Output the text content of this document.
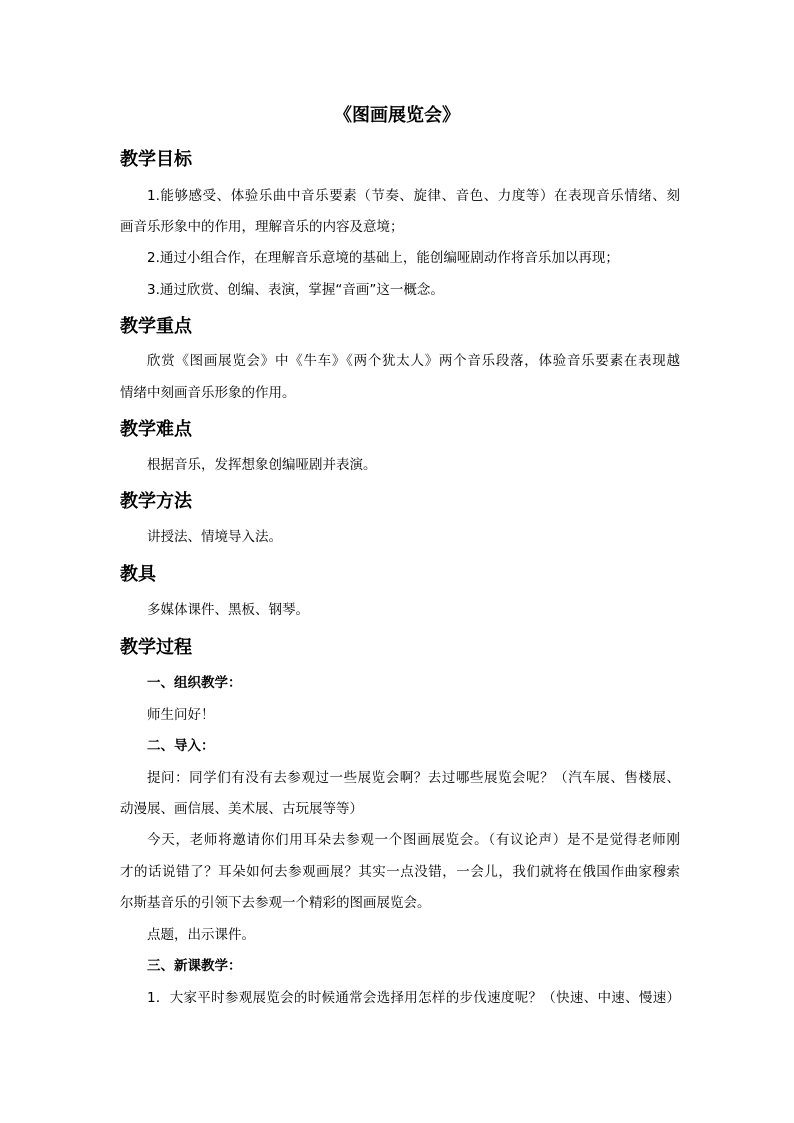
《图画展览会》
教学目标
1.能够感受、体验乐曲中音乐要素（节奏、旋律、音色、力度等）在表现音乐情绪、刻
画音乐形象中的作用，理解音乐的内容及意境；
2.通过小组合作，在理解音乐意境的基础上，能创编哑剧动作将音乐加以再现；
3.通过欣赏、创编、表演，掌握“音画”这一概念。
教学重点
欣赏《图画展览会》中《牛车》《两个犹太人》两个音乐段落，体验音乐要素在表现越
情绪中刻画音乐形象的作用。
教学难点
根据音乐，发挥想象创编哑剧并表演。
教学方法
讲授法、情境导入法。
教具
多媒体课件、黑板、钢琴。
教学过程
一、组织教学：
师生问好！
二、导入：
提问：同学们有没有去参观过一些展览会啊？去过哪些展览会呢？（汽车展、售楼展、
动漫展、画信展、美术展、古玩展等等）
今天，老师将邀请你们用耳朵去参观一个图画展览会。（有议论声）是不是觉得老师刚
才的话说错了？耳朵如何去参观画展？其实一点没错，一会儿，我们就将在俄国作曲家穆索
尔斯基音乐的引领下去参观一个精彩的图画展览会。
点题，出示课件。
三、新课教学：
1．大家平时参观展览会的时候通常会选择用怎样的步伐速度呢？（快速、中速、慢速）
